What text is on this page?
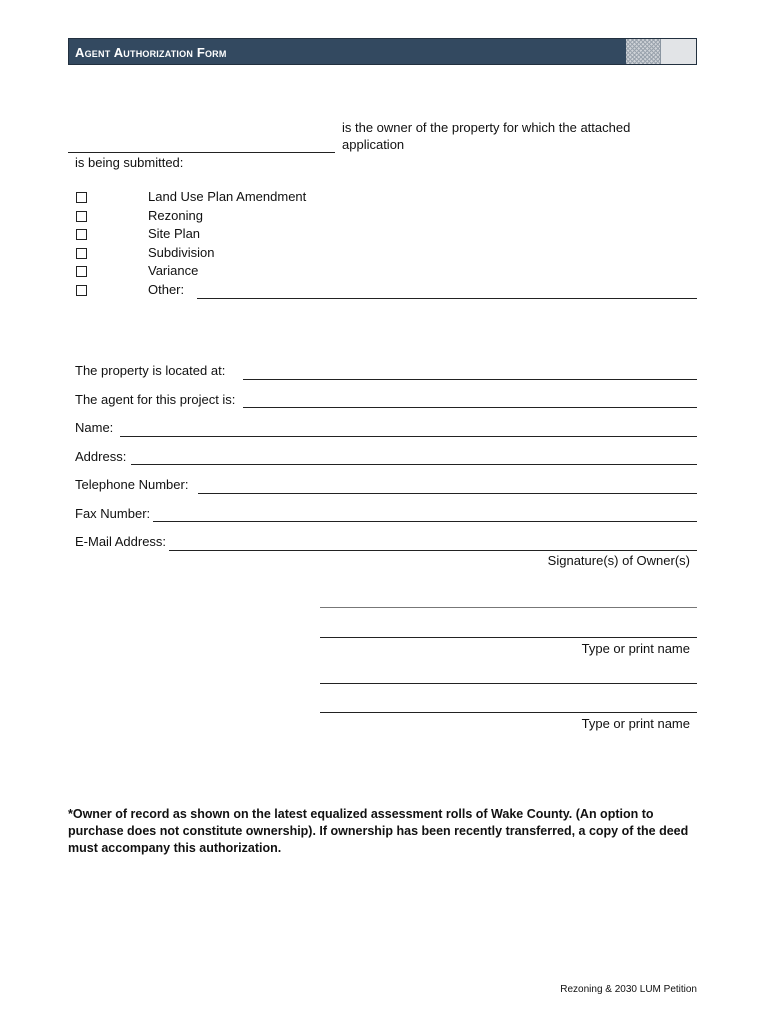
Agent Authorization Form
is the owner of the property for which the attached application
is being submitted:
Land Use Plan Amendment
Rezoning
Site Plan
Subdivision
Variance
Other:
The property is located at:
The agent for this project is:
Name:
Address:
Telephone Number:
Fax Number:
E-Mail Address:
Signature(s) of Owner(s)
Type or print name
Type or print name
*Owner of record as shown on the latest equalized assessment rolls of Wake County. (An option to purchase does not constitute ownership). If ownership has been recently transferred, a copy of the deed must accompany this authorization.
Rezoning & 2030 LUM Petition
